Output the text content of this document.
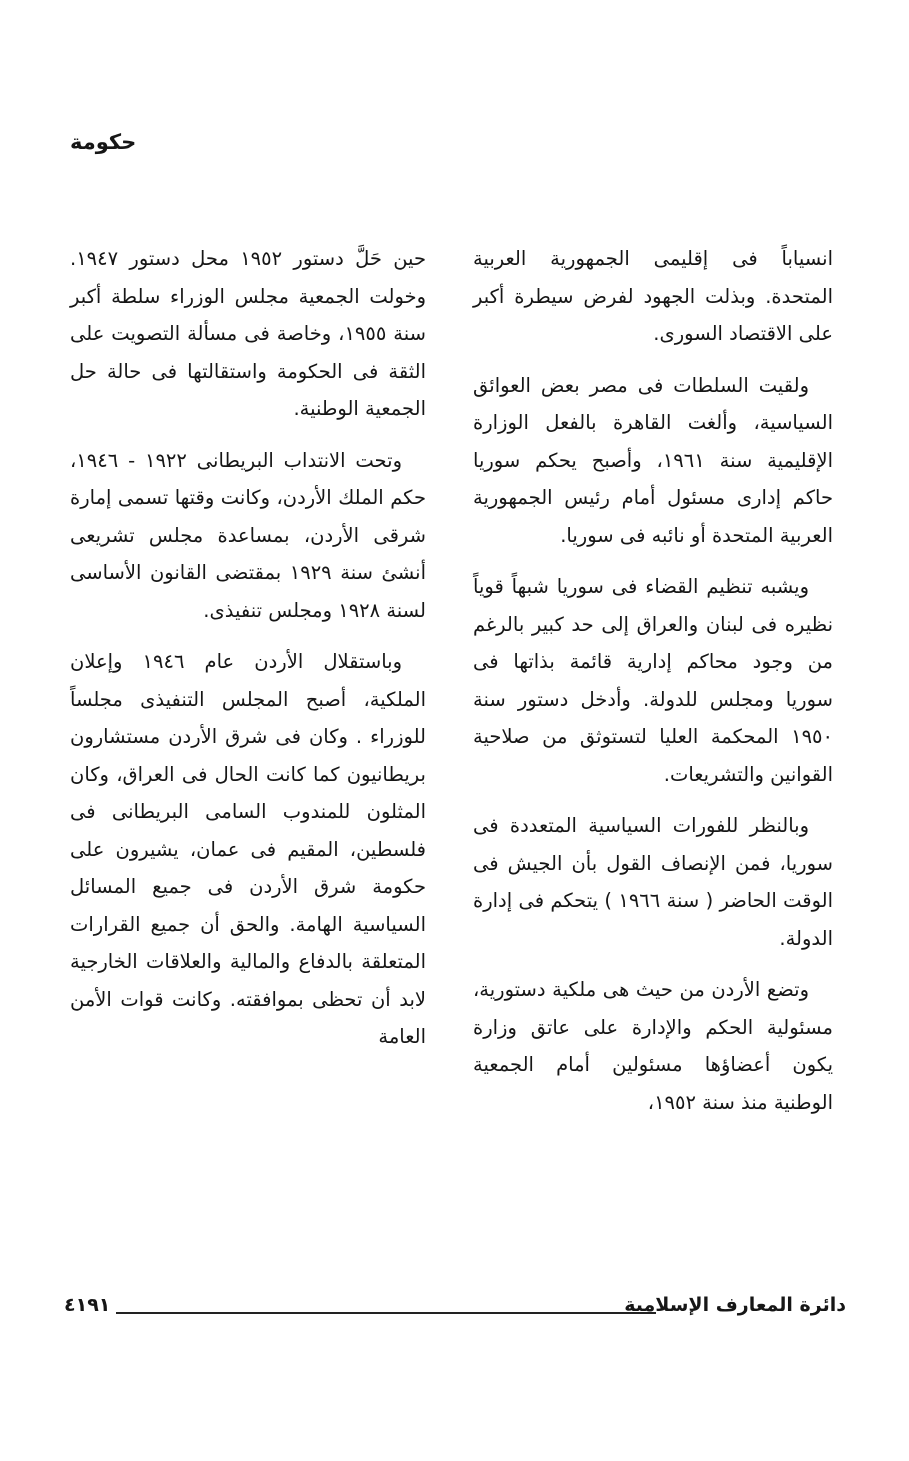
حكومة

انسياباً فى إقليمى الجمهورية العربية المتحدة. وبذلت الجهود لفرض سيطرة أكبر على الاقتصاد السورى.

ولقيت السلطات فى مصر بعض العوائق السياسية، وألغت القاهرة بالفعل الوزارة الإقليمية سنة ١٩٦١، وأصبح يحكم سوريا حاكم إدارى مسئول أمام رئيس الجمهورية العربية المتحدة أو نائبه فى سوريا.

ويشبه تنظيم القضاء فى سوريا شبهاً قوياً نظيره فى لبنان والعراق إلى حد كبير بالرغم من وجود محاكم إدارية قائمة بذاتها فى سوريا ومجلس للدولة. وأدخل دستور سنة ١٩٥٠ المحكمة العليا لتستوثق من صلاحية القوانين والتشريعات.

وبالنظر للفورات السياسية المتعددة فى سوريا، فمن الإنصاف القول بأن الجيش فى الوقت الحاضر ( سنة ١٩٦٦ ) يتحكم فى إدارة الدولة.

وتضع الأردن من حيث هى ملكية دستورية، مسئولية الحكم والإدارة على عاتق وزارة يكون أعضاؤها مسئولين أمام الجمعية الوطنية منذ سنة ١٩٥٢،

حين حَلَّ دستور ١٩٥٢ محل دستور ١٩٤٧. وخولت الجمعية مجلس الوزراء سلطة أكبر سنة ١٩٥٥، وخاصة فى مسألة التصويت على الثقة فى الحكومة واستقالتها فى حالة حل الجمعية الوطنية.

وتحت الانتداب البريطانى ١٩٢٢ - ١٩٤٦، حكم الملك الأردن، وكانت وقتها تسمى إمارة شرقى الأردن، بمساعدة مجلس تشريعى أنشئ سنة ١٩٢٩ بمقتضى القانون الأساسى لسنة ١٩٢٨ ومجلس تنفيذى.

وباستقلال الأردن عام ١٩٤٦ وإعلان الملكية، أصبح المجلس التنفيذى مجلساً للوزراء . وكان فى شرق الأردن مستشارون بريطانيون كما كانت الحال فى العراق، وكان المثلون للمندوب السامى البريطانى فى فلسطين، المقيم فى عمان، يشيرون على حكومة شرق الأردن فى جميع المسائل السياسية الهامة. والحق أن جميع القرارات المتعلقة بالدفاع والمالية والعلاقات الخارجية لابد أن تحظى بموافقته. وكانت قوات الأمن العامة

دائرة المعارف الإسلامية
٤١٩١
